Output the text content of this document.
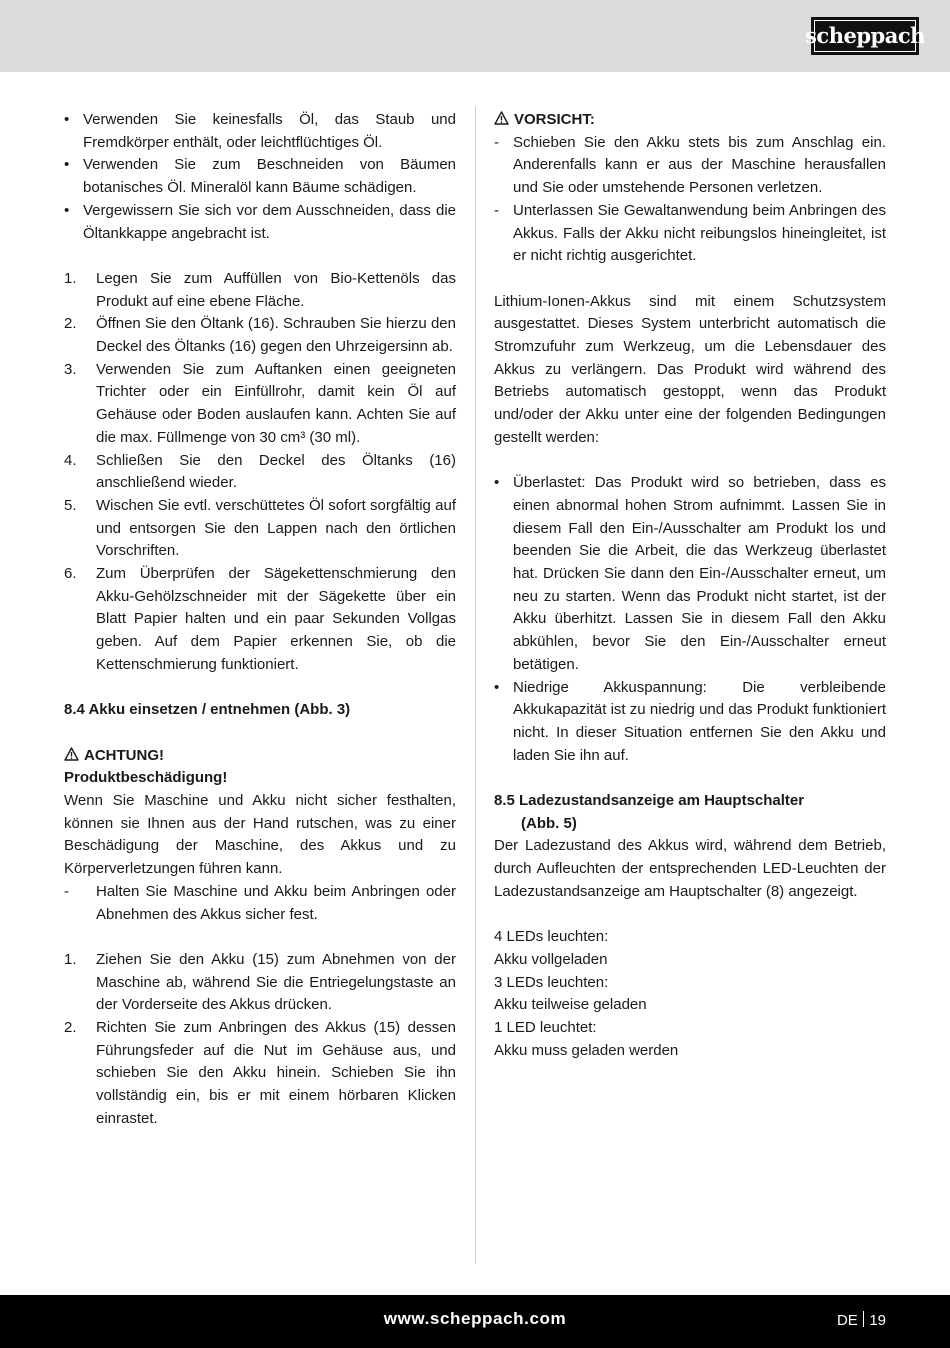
scheppach
• Verwenden Sie keinesfalls Öl, das Staub und Fremdkörper enthält, oder leichtflüchtiges Öl.
• Verwenden Sie zum Beschneiden von Bäumen botanisches Öl. Mineralöl kann Bäume schädigen.
• Vergewissern Sie sich vor dem Ausschneiden, dass die Öltankkappe angebracht ist.
1. Legen Sie zum Auffüllen von Bio-Kettenöls das Produkt auf eine ebene Fläche.
2. Öffnen Sie den Öltank (16). Schrauben Sie hierzu den Deckel des Öltanks (16) gegen den Uhrzeigersinn ab.
3. Verwenden Sie zum Auftanken einen geeigneten Trichter oder ein Einfüllrohr, damit kein Öl auf Gehäuse oder Boden auslaufen kann. Achten Sie auf die max. Füllmenge von 30 cm³ (30 ml).
4. Schließen Sie den Deckel des Öltanks (16) anschließend wieder.
5. Wischen Sie evtl. verschüttetes Öl sofort sorgfältig auf und entsorgen Sie den Lappen nach den örtlichen Vorschriften.
6. Zum Überprüfen der Sägekettenschmierung den Akku-Gehölzschneider mit der Sägekette über ein Blatt Papier halten und ein paar Sekunden Vollgas geben. Auf dem Papier erkennen Sie, ob die Kettenschmierung funktioniert.

8.4 Akku einsetzen / entnehmen (Abb. 3)

ACHTUNG!

Produktbeschädigung!

Wenn Sie Maschine und Akku nicht sicher festhalten, können sie Ihnen aus der Hand rutschen, was zu einer Beschädigung der Maschine, des Akkus und zu Körperverletzungen führen kann.

- Halten Sie Maschine und Akku beim Anbringen oder Abnehmen des Akkus sicher fest.
1. Ziehen Sie den Akku (15) zum Abnehmen von der Maschine ab, während Sie die Entriegelungstaste an der Vorderseite des Akkus drücken.
2. Richten Sie zum Anbringen des Akkus (15) dessen Führungsfeder auf die Nut im Gehäuse aus, und schieben Sie den Akku hinein. Schieben Sie ihn vollständig ein, bis er mit einem hörbaren Klicken einrastet.

VORSICHT:

- Schieben Sie den Akku stets bis zum Anschlag ein. Anderenfalls kann er aus der Maschine herausfallen und Sie oder umstehende Personen verletzen.
- Unterlassen Sie Gewaltanwendung beim Anbringen des Akkus. Falls der Akku nicht reibungslos hineingleitet, ist er nicht richtig ausgerichtet.

Lithium-Ionen-Akkus sind mit einem Schutzsystem ausgestattet. Dieses System unterbricht automatisch die Stromzufuhr zum Werkzeug, um die Lebensdauer des Akkus zu verlängern. Das Produkt wird während des Betriebs automatisch gestoppt, wenn das Produkt und/oder der Akku unter eine der folgenden Bedingungen gestellt werden:

• Überlastet: Das Produkt wird so betrieben, dass es einen abnormal hohen Strom aufnimmt. Lassen Sie in diesem Fall den Ein-/Ausschalter am Produkt los und beenden Sie die Arbeit, die das Werkzeug überlastet hat. Drücken Sie dann den Ein-/Ausschalter erneut, um neu zu starten. Wenn das Produkt nicht startet, ist der Akku überhitzt. Lassen Sie in diesem Fall den Akku abkühlen, bevor Sie den Ein-/Ausschalter erneut betätigen.
• Niedrige Akkuspannung: Die verbleibende Akkukapazität ist zu niedrig und das Produkt funktioniert nicht. In dieser Situation entfernen Sie den Akku und laden Sie ihn auf.

8.5 Ladezustandsanzeige am Hauptschalter

(Abb. 5)

Der Ladezustand des Akkus wird, während dem Betrieb, durch Aufleuchten der entsprechenden LED-Leuchten der Ladezustandsanzeige am Hauptschalter (8) angezeigt.

4 LEDs leuchten:

Akku vollgeladen

3 LEDs leuchten:

Akku teilweise geladen

1 LED leuchtet:

Akku muss geladen werden

www.scheppach.com	DE 19
